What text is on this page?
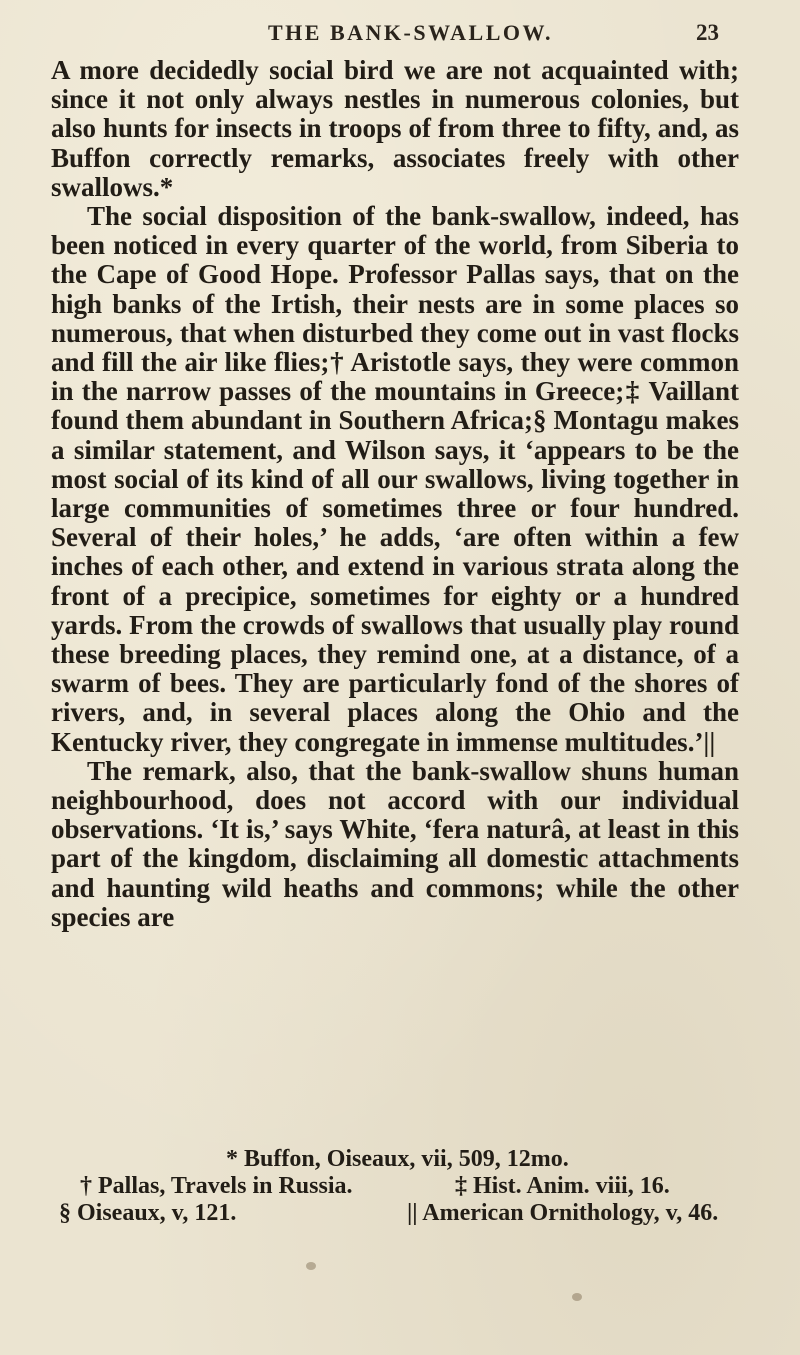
THE BANK-SWALLOW.	23

A more decidedly social bird we are not acquainted with; since it not only always nestles in numerous colonies, but also hunts for insects in troops of from three to fifty, and, as Buffon correctly remarks, associates freely with other swallows.*

The social disposition of the bank-swallow, indeed, has been noticed in every quarter of the world, from Siberia to the Cape of Good Hope. Professor Pallas says, that on the high banks of the Irtish, their nests are in some places so numerous, that when disturbed they come out in vast flocks and fill the air like flies;† Aristotle says, they were common in the narrow passes of the mountains in Greece;‡ Vaillant found them abundant in Southern Africa;§ Montagu makes a similar statement, and Wilson says, it ‘appears to be the most social of its kind of all our swallows, living together in large communities of sometimes three or four hundred. Several of their holes,’ he adds, ‘are often within a few inches of each other, and extend in various strata along the front of a precipice, sometimes for eighty or a hundred yards. From the crowds of swallows that usually play round these breeding places, they remind one, at a distance, of a swarm of bees. They are particularly fond of the shores of rivers, and, in several places along the Ohio and the Kentucky river, they congregate in immense multitudes.’||

The remark, also, that the bank-swallow shuns human neighbourhood, does not accord with our individual observations. ‘It is,’ says White, ‘fera naturâ, at least in this part of the kingdom, disclaiming all domestic attachments and haunting wild heaths and commons; while the other species are

* Buffon, Oiseaux, vii, 509, 12mo.
† Pallas, Travels in Russia.	‡ Hist. Anim. viii, 16.
§ Oiseaux, v, 121.	|| American Ornithology, v, 46.
